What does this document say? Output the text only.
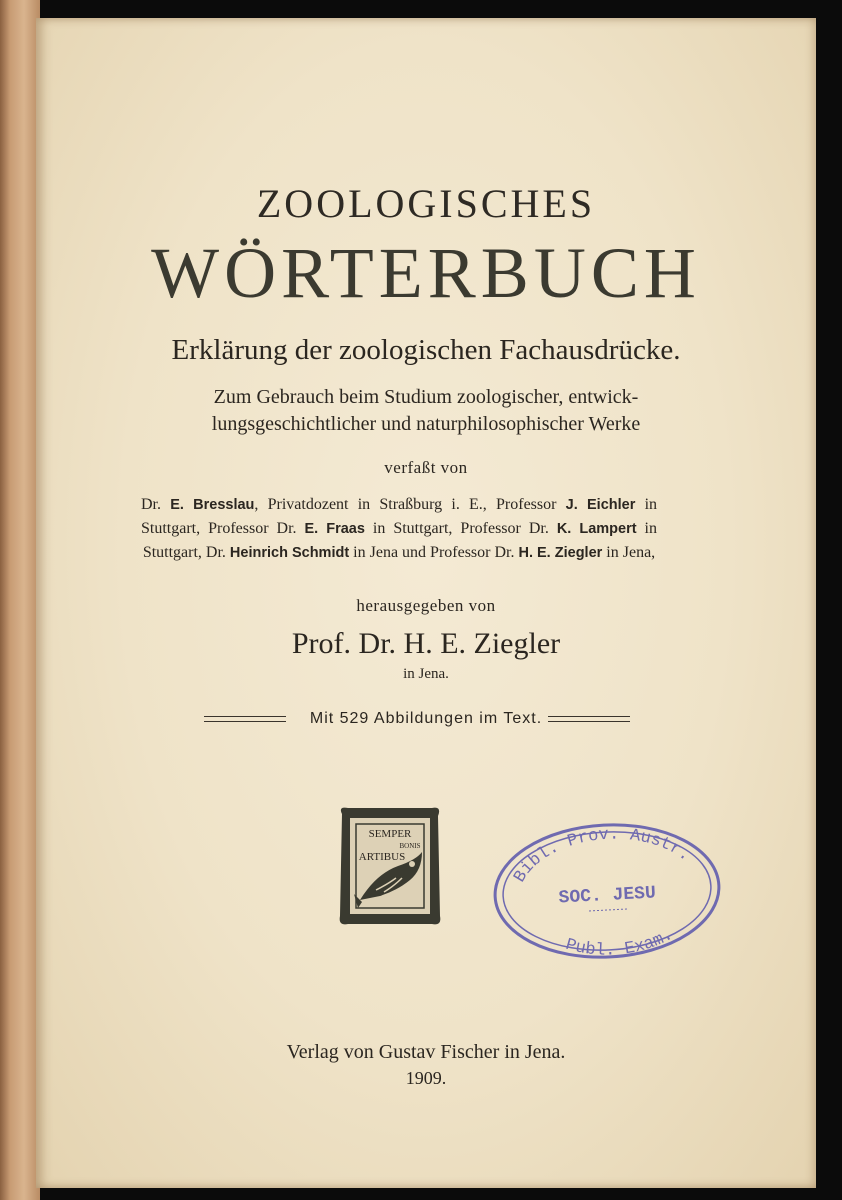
ZOOLOGISCHES
WÖRTERBUCH
Erklärung der zoologischen Fachausdrücke.
Zum Gebrauch beim Studium zoologischer, entwick-
lungsgeschichtlicher und naturphilosophischer Werke
verfaßt von
Dr. E. Bresslau, Privatdozent in Straßburg i. E., Professor J. Eichler in Stuttgart, Professor Dr. E. Fraas in Stuttgart, Professor Dr. K. Lampert in Stuttgart, Dr. Heinrich Schmidt in Jena und Professor Dr. H. E. Ziegler in Jena,
herausgegeben von
Prof. Dr. H. E. Ziegler
in Jena.
Mit 529 Abbildungen im Text.
SEMPER
BONIS
ARTIBUS
Bibl. Prov. Austr.
SOC. JESU
Publ. Exam.
Verlag von Gustav Fischer in Jena.
1909.
